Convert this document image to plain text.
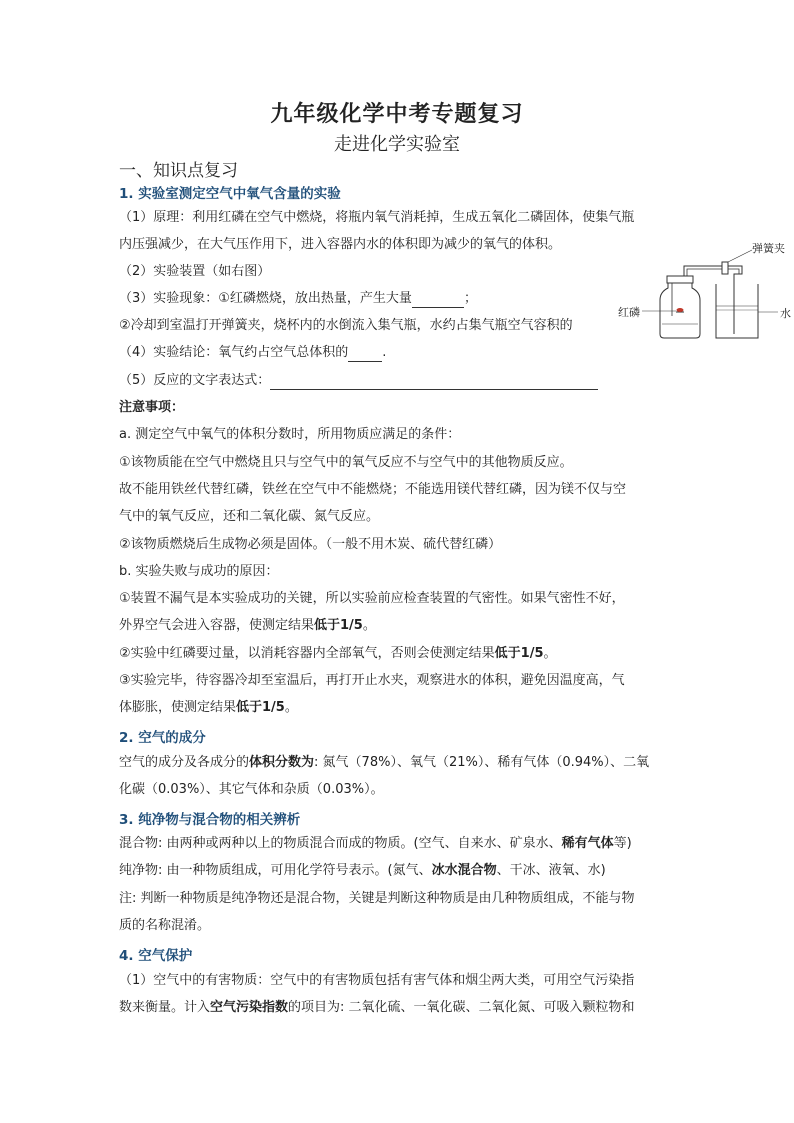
九年级化学中考专题复习
走进化学实验室
一、知识点复习
1. 实验室测定空气中氧气含量的实验
（1）原理：利用红磷在空气中燃烧，将瓶内氧气消耗掉，生成五氧化二磷固体，使集气瓶
内压强减少，在大气压作用下，进入容器内水的体积即为减少的氧气的体积。
（2）实验装置（如右图）
（3）实验现象：①红磷燃烧，放出热量，产生大量	；
②冷却到室温打开弹簧夹，烧杯内的水倒流入集气瓶，水约占集气瓶空气容积的
（4）实验结论：氧气约占空气总体积的	.
（5）反应的文字表达式：
弹簧夹
红磷	水
注意事项：
a. 测定空气中氧气的体积分数时，所用物质应满足的条件：
①该物质能在空气中燃烧且只与空气中的氧气反应不与空气中的其他物质反应。
故不能用铁丝代替红磷，铁丝在空气中不能燃烧；不能选用镁代替红磷，因为镁不仅与空
气中的氧气反应，还和二氧化碳、氮气反应。
②该物质燃烧后生成物必须是固体。（一般不用木炭、硫代替红磷）
b. 实验失败与成功的原因：
①装置不漏气是本实验成功的关键，所以实验前应检查装置的气密性。如果气密性不好，
外界空气会进入容器，使测定结果低于1/5。
②实验中红磷要过量，以消耗容器内全部氧气，否则会使测定结果低于1/5。
③实验完毕，待容器冷却至室温后，再打开止水夹，观察进水的体积，避免因温度高，气
体膨胀，使测定结果低于1/5。
2. 空气的成分
空气的成分及各成分的体积分数为: 氮气（78%）、氧气（21%）、稀有气体（0.94%）、二氧
化碳（0.03%）、其它气体和杂质（0.03%）。
3. 纯净物与混合物的相关辨析
混合物: 由两种或两种以上的物质混合而成的物质。(空气、自来水、矿泉水、稀有气体等)
纯净物: 由一种物质组成，可用化学符号表示。(氮气、冰水混合物、干冰、液氧、水)
注: 判断一种物质是纯净物还是混合物，关键是判断这种物质是由几种物质组成，不能与物
质的名称混淆。
4. 空气保护
（1）空气中的有害物质：空气中的有害物质包括有害气体和烟尘两大类，可用空气污染指
数来衡量。计入空气污染指数的项目为: 二氧化硫、一氧化碳、二氧化氮、可吸入颗粒物和
